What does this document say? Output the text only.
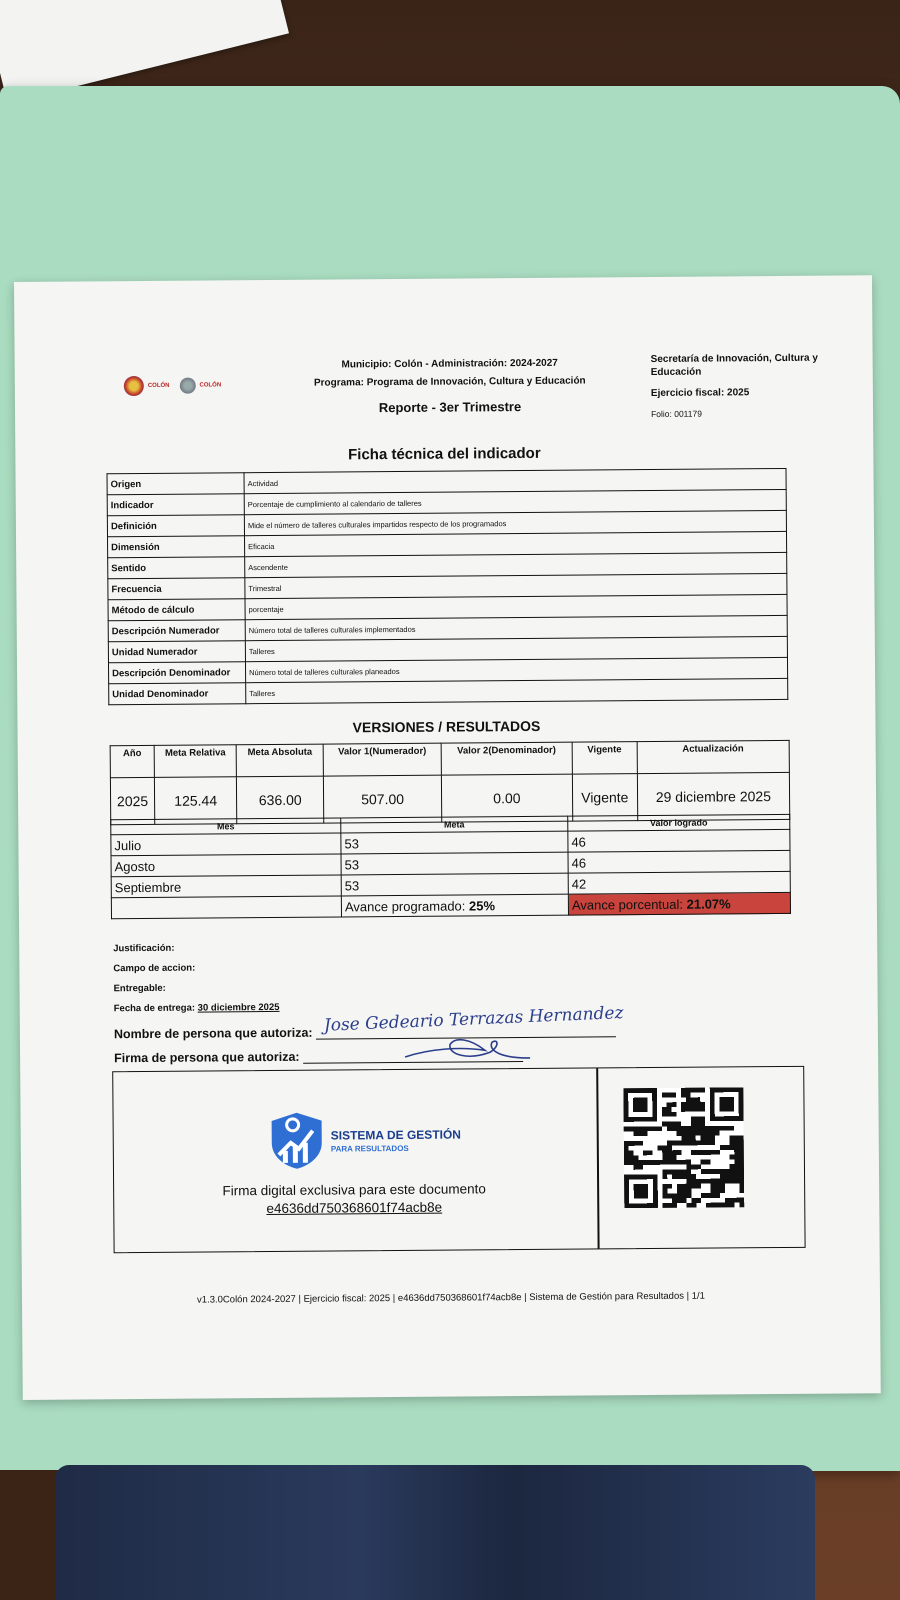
COLÓN	COLÓN
Municipio: Colón - Administración: 2024-2027
Programa: Programa de Innovación, Cultura y Educación
Reporte - 3er Trimestre
Secretaría de Innovación, Cultura y Educación
Ejercicio fiscal: 2025
Folio: 001179
Ficha técnica del indicador
Origen	Actividad
Indicador	Porcentaje de cumplimiento al calendario de talleres
Definición	Mide el número de talleres culturales impartidos respecto de los programados
Dimensión	Eficacia
Sentido	Ascendente
Frecuencia	Trimestral
Método de cálculo	porcentaje
Descripción Numerador	Número total de talleres culturales implementados
Unidad Numerador	Talleres
Descripción Denominador	Número total de talleres culturales planeados
Unidad Denominador	Talleres
VERSIONES / RESULTADOS
Año	Meta Relativa	Meta Absoluta	Valor 1(Numerador)	Valor 2(Denominador)	Vigente	Actualización
2025	125.44	636.00	507.00	0.00	Vigente	29 diciembre 2025
Mes	Meta	Valor logrado
Julio	53	46
Agosto	53	46
Septiembre	53	42
	Avance programado: 25%	Avance porcentual: 21.07%
Justificación:
Campo de accion:
Entregable:
Fecha de entrega: 30 diciembre 2025
Nombre de persona que autoriza: Jose Gedeario Terrazas Hernandez
Firma de persona que autoriza:
SISTEMA DE GESTIÓN
PARA RESULTADOS
Firma digital exclusiva para este documento
e4636dd750368601f74acb8e
v1.3.0Colón 2024-2027 | Ejercicio fiscal: 2025 | e4636dd750368601f74acb8e | Sistema de Gestión para Resultados | 1/1
